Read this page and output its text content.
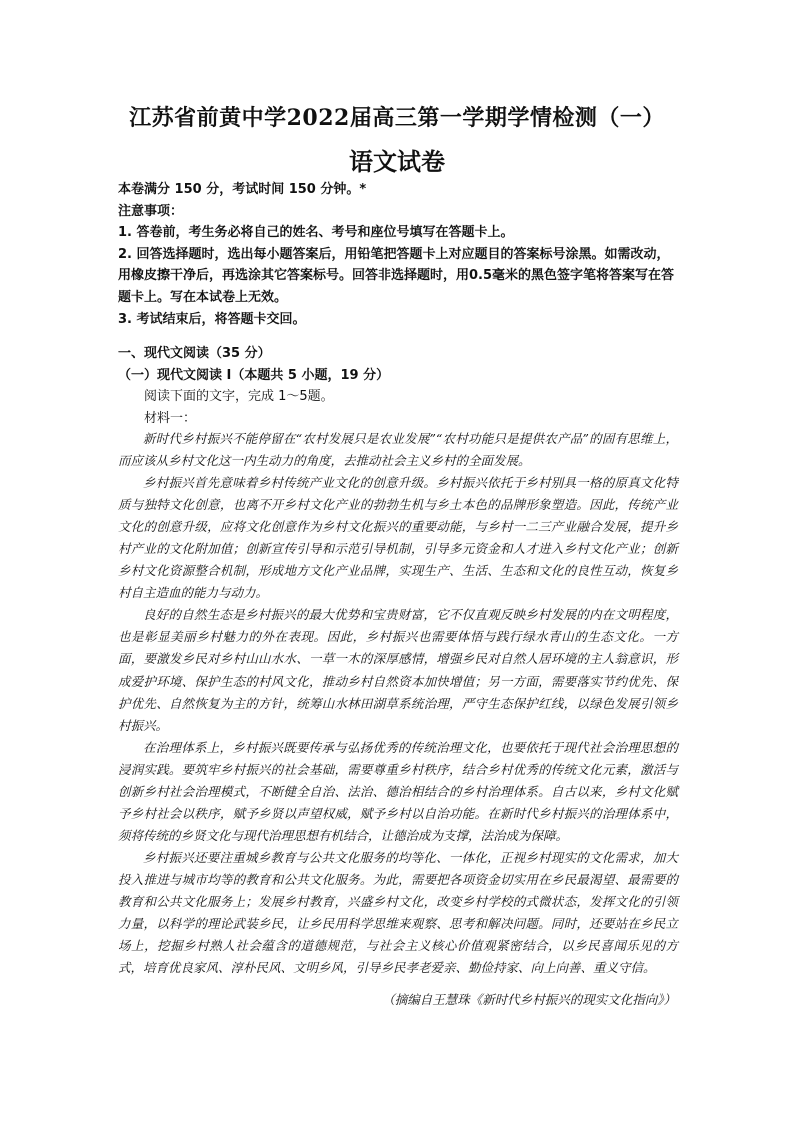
江苏省前黄中学2022届高三第一学期学情检测（一）
语文试卷

本卷满分 150 分，考试时间 150 分钟。*

注意事项：

1. 答卷前，考生务必将自己的姓名、考号和座位号填写在答题卡上。

2. 回答选择题时，选出每小题答案后，用铅笔把答题卡上对应题目的答案标号涂黑。如需改动，用橡皮擦干净后，再选涂其它答案标号。回答非选择题时，用0.5毫米的黑色签字笔将答案写在答题卡上。写在本试卷上无效。

3. 考试结束后，将答题卡交回。

一、现代文阅读（35 分）

（一）现代文阅读 I（本题共 5 小题，19 分）

阅读下面的文字，完成 1～5题。

材料一：

新时代乡村振兴不能停留在“农村发展只是农业发展”“农村功能只是提供农产品”的固有思维上，而应该从乡村文化这一内生动力的角度，去推动社会主义乡村的全面发展。

乡村振兴首先意味着乡村传统产业文化的创意升级。乡村振兴依托于乡村别具一格的原真文化特质与独特文化创意，也离不开乡村文化产业的勃勃生机与乡土本色的品牌形象塑造。因此，传统产业文化的创意升级，应将文化创意作为乡村文化振兴的重要动能，与乡村一二三产业融合发展，提升乡村产业的文化附加值；创新宣传引导和示范引导机制，引导多元资金和人才进入乡村文化产业；创新乡村文化资源整合机制，形成地方文化产业品牌，实现生产、生活、生态和文化的良性互动，恢复乡村自主造血的能力与动力。

良好的自然生态是乡村振兴的最大优势和宝贵财富，它不仅直观反映乡村发展的内在文明程度，也是彰显美丽乡村魅力的外在表现。因此，乡村振兴也需要体悟与践行绿水青山的生态文化。一方面，要激发乡民对乡村山山水水、一草一木的深厚感情，增强乡民对自然人居环境的主人翁意识，形成爱护环境、保护生态的村风文化，推动乡村自然资本加快增值；另一方面，需要落实节约优先、保护优先、自然恢复为主的方针，统筹山水林田湖草系统治理，严守生态保护红线，以绿色发展引领乡村振兴。

在治理体系上，乡村振兴既要传承与弘扬优秀的传统治理文化，也要依托于现代社会治理思想的浸润实践。要筑牢乡村振兴的社会基础，需要尊重乡村秩序，结合乡村优秀的传统文化元素，激活与创新乡村社会治理模式，不断健全自治、法治、德治相结合的乡村治理体系。自古以来，乡村文化赋予乡村社会以秩序，赋予乡贤以声望权威，赋予乡村以自治功能。在新时代乡村振兴的治理体系中，须将传统的乡贤文化与现代治理思想有机结合，让德治成为支撑，法治成为保障。

乡村振兴还要注重城乡教育与公共文化服务的均等化、一体化，正视乡村现实的文化需求，加大投入推进与城市均等的教育和公共文化服务。为此，需要把各项资金切实用在乡民最渴望、最需要的教育和公共文化服务上；发展乡村教育，兴盛乡村文化，改变乡村学校的式微状态，发挥文化的引领力量，以科学的理论武装乡民，让乡民用科学思维来观察、思考和解决问题。同时，还要站在乡民立场上，挖掘乡村熟人社会蕴含的道德规范，与社会主义核心价值观紧密结合，以乡民喜闻乐见的方式，培育优良家风、淳朴民风、文明乡风，引导乡民孝老爱亲、勤俭持家、向上向善、重义守信。

（摘编自王慧珠《新时代乡村振兴的现实文化指向》）
